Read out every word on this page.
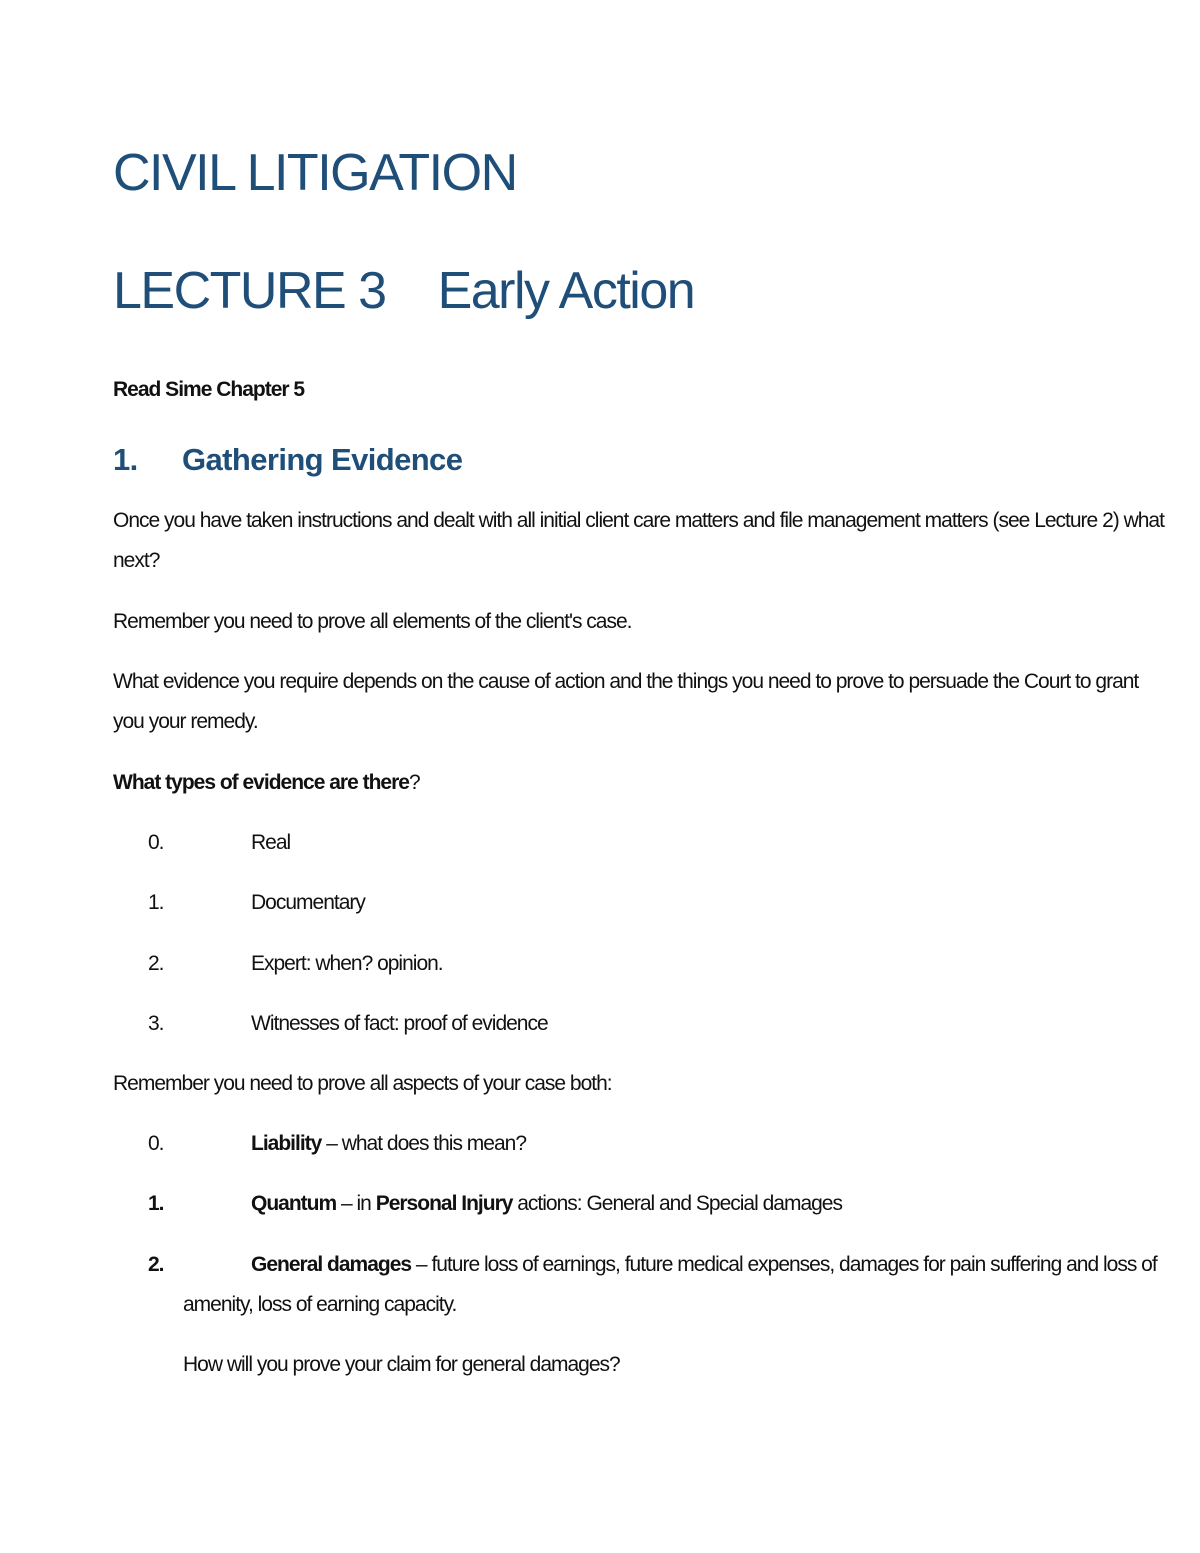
CIVIL LITIGATION
LECTURE 3 Early Action

Read Sime Chapter 5

1. Gathering Evidence

Once you have taken instructions and dealt with all initial client care matters and file management matters (see Lecture 2) what next?

Remember you need to prove all elements of the client's case.

What evidence you require depends on the cause of action and the things you need to prove to persuade the Court to grant you your remedy.

What types of evidence are there?

0.	Real
1.	Documentary
2.	Expert: when? opinion.
3.	Witnesses of fact: proof of evidence

Remember you need to prove all aspects of your case both:

0.	Liability – what does this mean?
1.	Quantum – in Personal Injury actions: General and Special damages
2.	General damages – future loss of earnings, future medical expenses, damages for pain suffering and loss of amenity, loss of earning capacity.

How will you prove your claim for general damages?
